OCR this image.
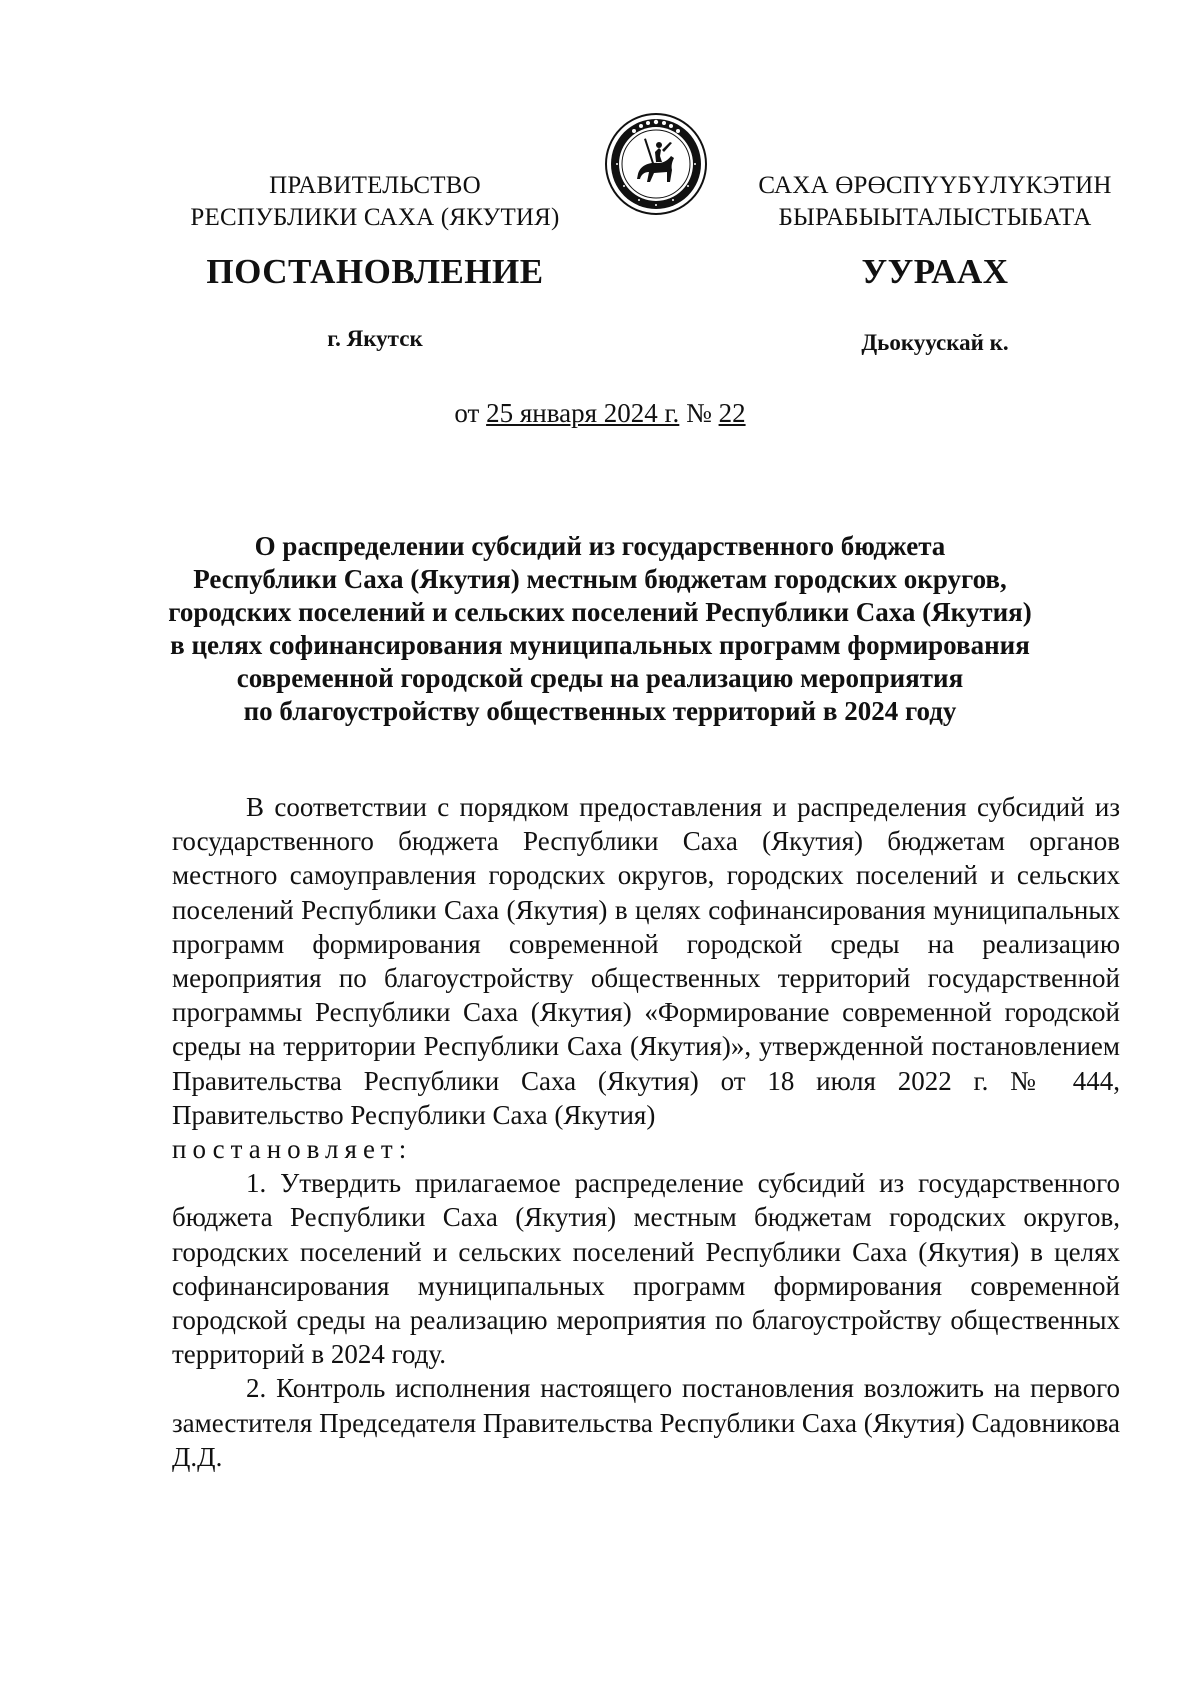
ПРАВИТЕЛЬСТВО
РЕСПУБЛИКИ САХА (ЯКУТИЯ)
САХА ӨРӨСПҮҮБҮЛҮКЭТИН
БЫРАБЫЫТАЛЫСТЫБАТА
ПОСТАНОВЛЕНИЕ	УУРААХ
г. Якутск	Дьокуускай к.
от 25 января 2024 г. № 22
О распределении субсидий из государственного бюджета
Республики Саха (Якутия) местным бюджетам городских округов,
городских поселений и сельских поселений Республики Саха (Якутия)
в целях софинансирования муниципальных программ формирования
современной городской среды на реализацию мероприятия
по благоустройству общественных территорий в 2024 году

В соответствии с порядком предоставления и распределения субсидий из государственного бюджета Республики Саха (Якутия) бюджетам органов местного самоуправления городских округов, городских поселений и сельских поселений Республики Саха (Якутия) в целях софинансирования муниципальных программ формирования современной городской среды на реализацию мероприятия по благоустройству общественных территорий государственной программы Республики Саха (Якутия) «Формирование современной городской среды на территории Республики Саха (Якутия)», утвержденной постановлением Правительства Республики Саха (Якутия) от 18 июля 2022 г. № 444, Правительство Республики Саха (Якутия)

постановляет:

1. Утвердить прилагаемое распределение субсидий из государственного бюджета Республики Саха (Якутия) местным бюджетам городских округов, городских поселений и сельских поселений Республики Саха (Якутия) в целях софинансирования муниципальных программ формирования современной городской среды на реализацию мероприятия по благоустройству общественных территорий в 2024 году.

2. Контроль исполнения настоящего постановления возложить на первого заместителя Председателя Правительства Республики Саха (Якутия) Садовникова Д.Д.
